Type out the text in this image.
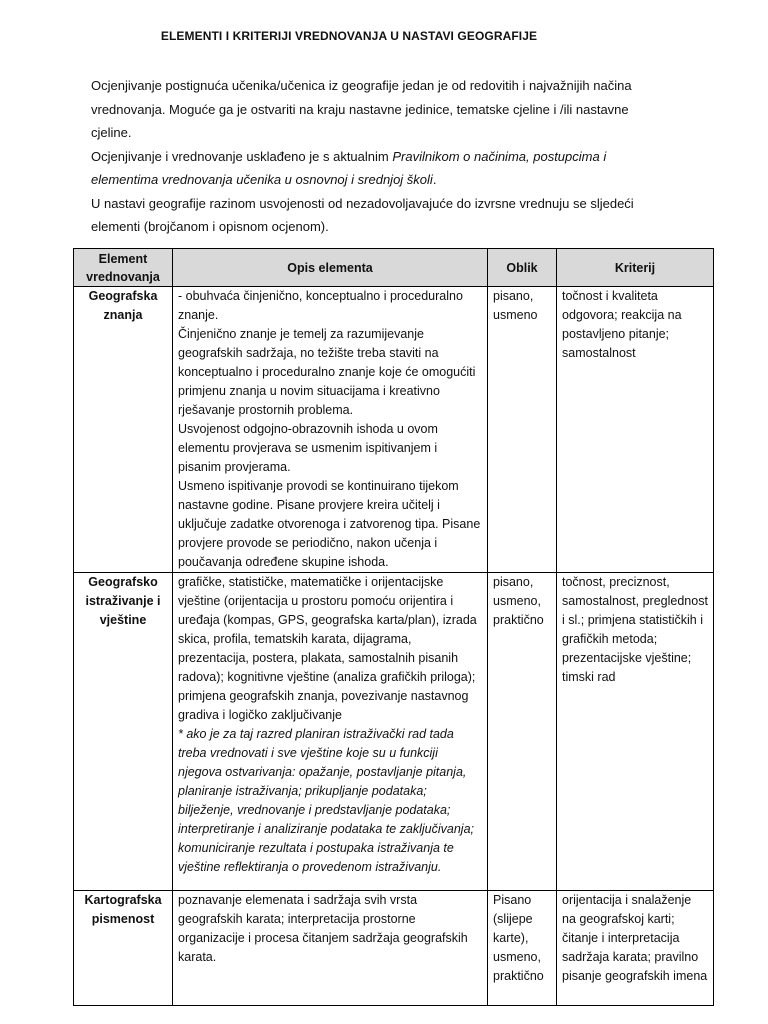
ELEMENTI I KRITERIJI VREDNOVANJA U NASTAVI GEOGRAFIJE

Ocjenjivanje postignuća učenika/učenica iz geografije jedan je od redovitih i najvažnijih načina vrednovanja. Moguće ga je ostvariti na kraju nastavne jedinice, tematske cjeline i /ili nastavne cjeline.

Ocjenjivanje i vrednovanje usklađeno je s aktualnim Pravilnikom o načinima, postupcima i elementima vrednovanja učenika u osnovnoj i srednjoj školi.

U nastavi geografije razinom usvojenosti od nezadovoljavajuće do izvrsne vrednuju se sljedeći elementi (brojčanom i opisnom ocjenom).

Element vrednovanja	Opis elementa	Oblik	Kriterij
Geografska znanja	- obuhvaća činjenično, konceptualno i proceduralno znanje.
Činjenično znanje je temelj za razumijevanje geografskih sadržaja, no težište treba staviti na konceptualno i proceduralno znanje koje će omogućiti primjenu znanja u novim situacijama i kreativno rješavanje prostornih problema.
Usvojenost odgojno-obrazovnih ishoda u ovom elementu provjerava se usmenim ispitivanjem i pisanim provjerama.
Usmeno ispitivanje provodi se kontinuirano tijekom nastavne godine. Pisane provjere kreira učitelj i uključuje zadatke otvorenoga i zatvorenog tipa. Pisane provjere provode se periodično, nakon učenja i poučavanja određene skupine ishoda.	pisano, usmeno	točnost i kvaliteta odgovora; reakcija na postavljeno pitanje; samostalnost
Geografsko istraživanje i vještine	grafičke, statističke, matematičke i orijentacijske vještine (orijentacija u prostoru pomoću orijentira i uređaja (kompas, GPS, geografska karta/plan), izrada skica, profila, tematskih karata, dijagrama, prezentacija, postera, plakata, samostalnih pisanih radova); kognitivne vještine (analiza grafičkih priloga); primjena geografskih znanja, povezivanje nastavnog gradiva i logičko zaključivanje
* ako je za taj razred planiran istraživački rad tada treba vrednovati i sve vještine koje su u funkciji njegova ostvarivanja: opažanje, postavljanje pitanja, planiranje istraživanja; prikupljanje podataka; bilježenje, vrednovanje i predstavljanje podataka; interpretiranje i analiziranje podataka te zaključivanja; komuniciranje rezultata i postupaka istraživanja te vještine reflektiranja o provedenom istraživanju.	pisano, usmeno, praktično	točnost, preciznost, samostalnost, preglednost i sl.; primjena statističkih i grafičkih metoda; prezentacijske vještine; timski rad
Kartografska pismenost	poznavanje elemenata i sadržaja svih vrsta geografskih karata; interpretacija prostorne organizacije i procesa čitanjem sadržaja geografskih karata.	Pisano (slijepe karte), usmeno, praktično	orijentacija i snalaženje na geografskoj karti; čitanje i interpretacija sadržaja karata; pravilno pisanje geografskih imena
